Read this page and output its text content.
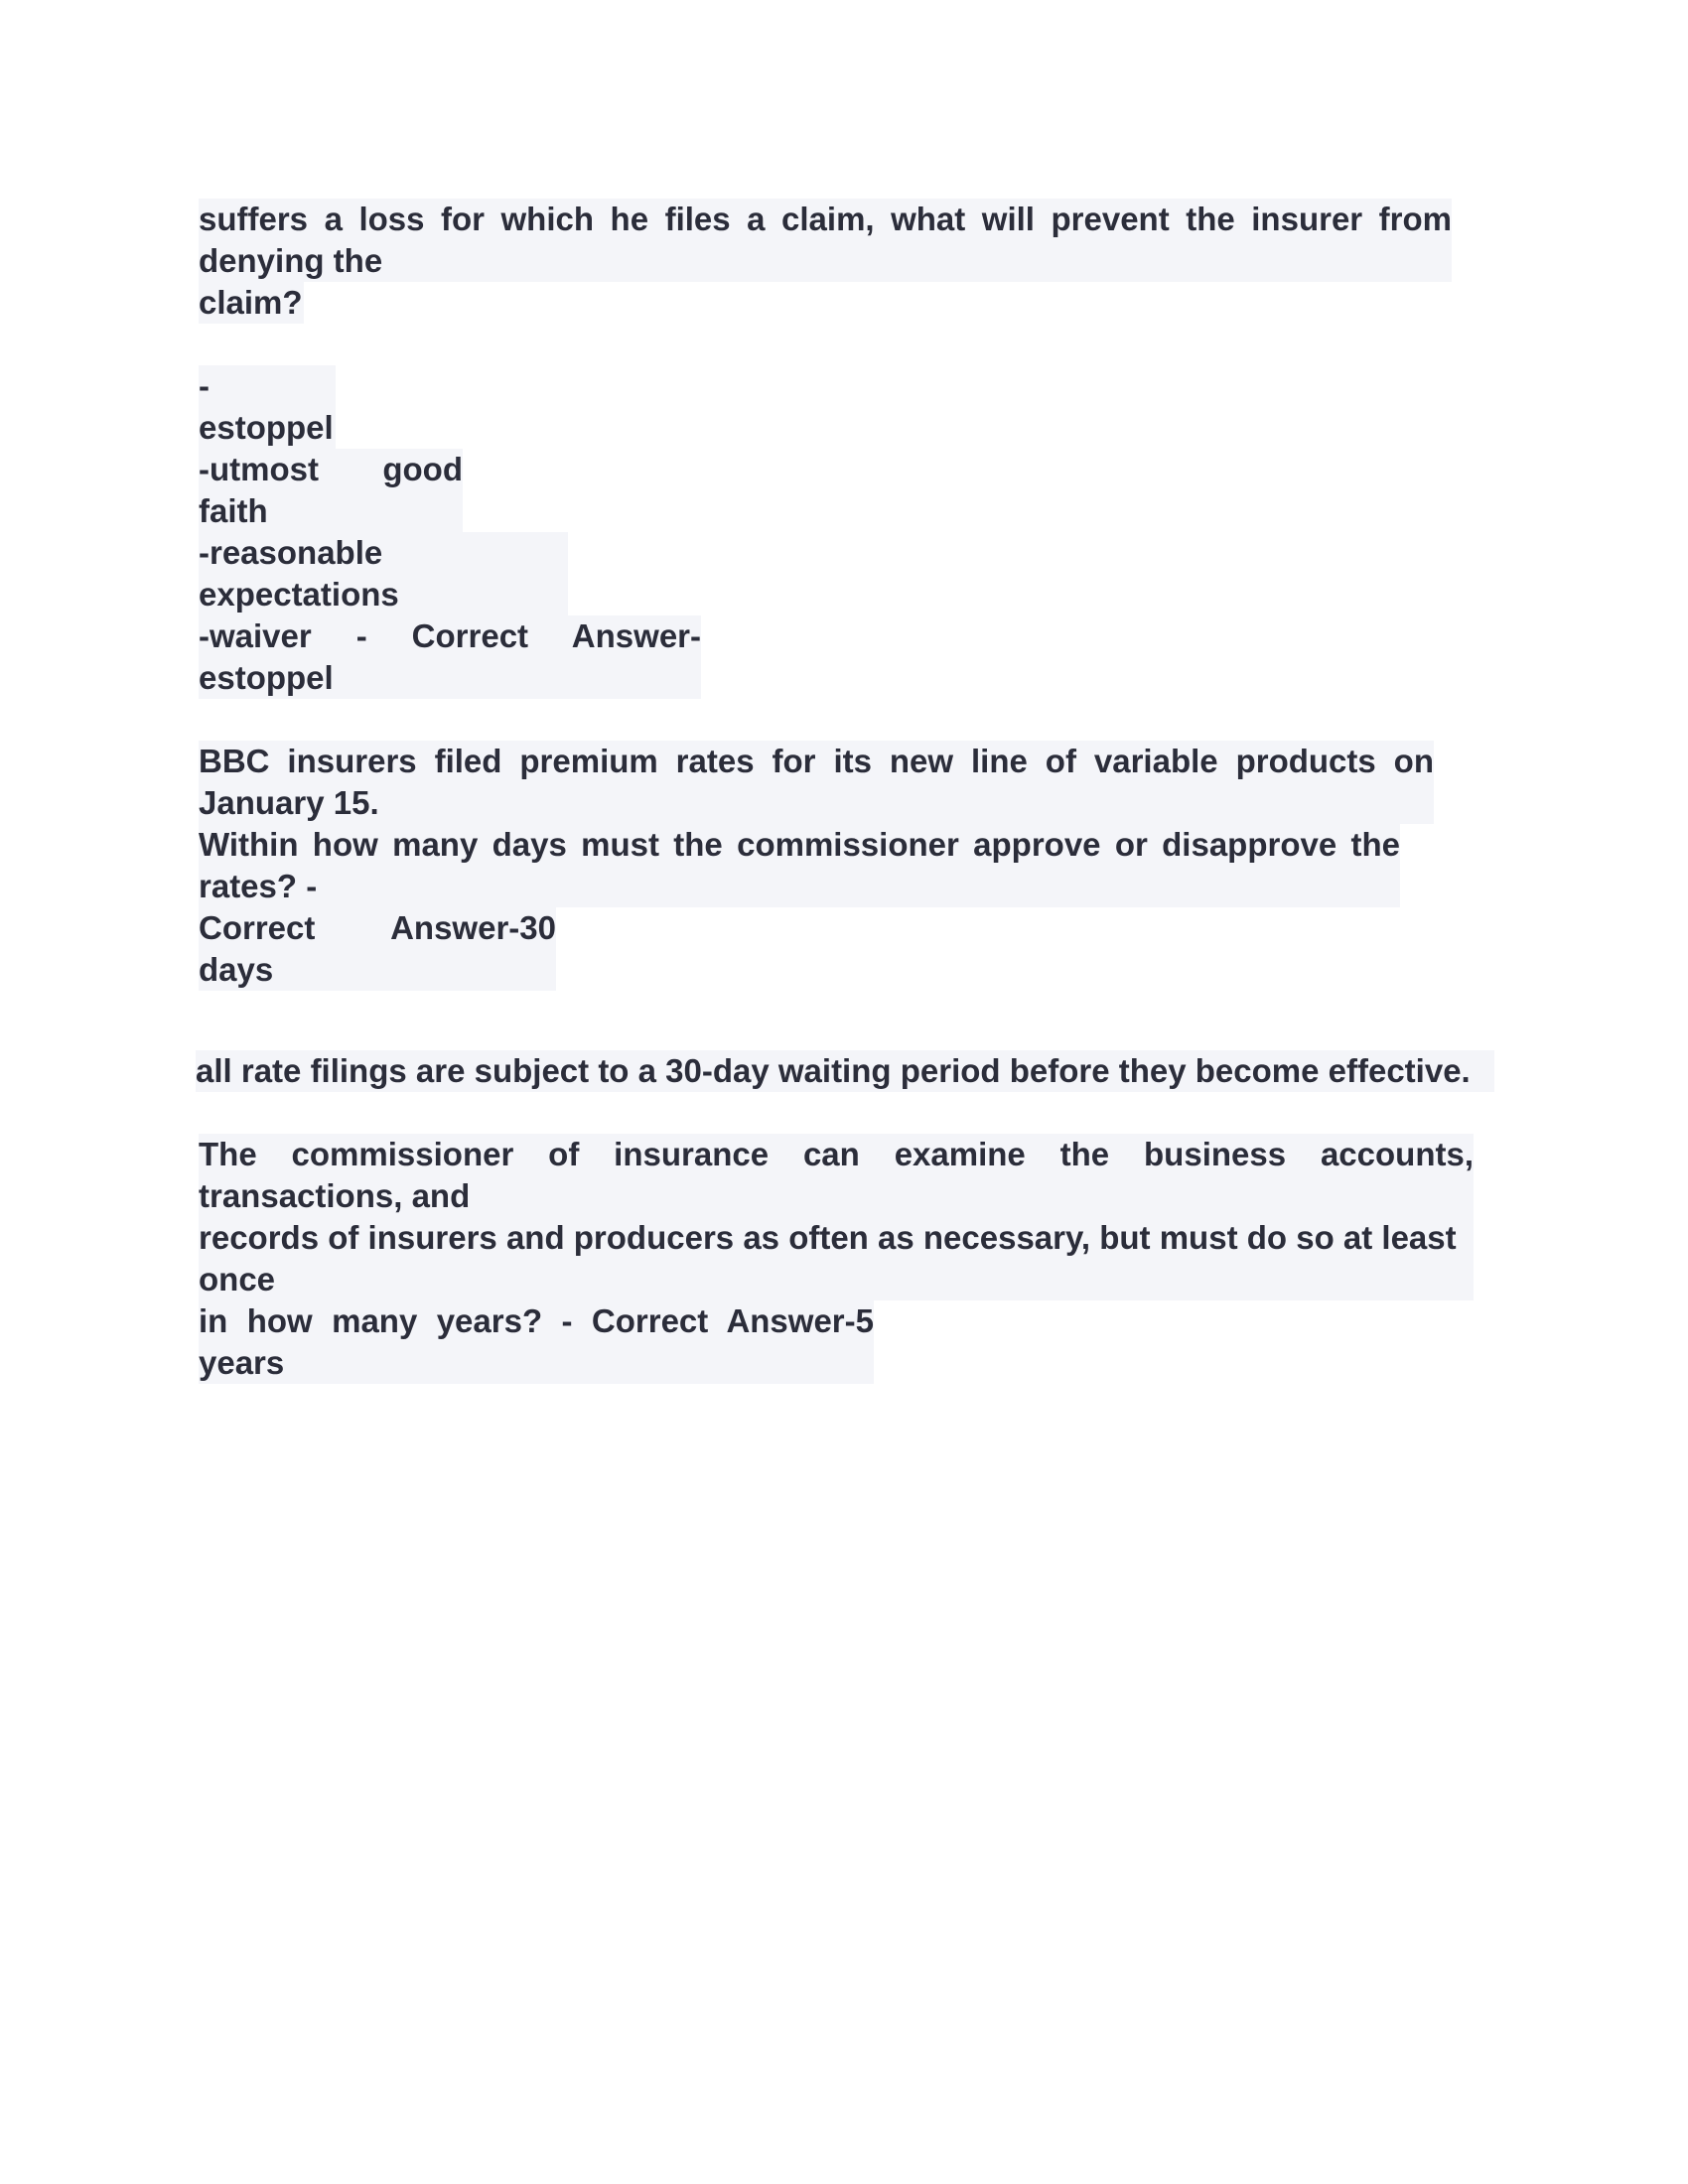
suffers a loss for which he files a claim, what will prevent the insurer from
denying the
claim?
-
estoppel
-utmost good
faith
-reasonable
expectations
-waiver - Correct Answer-
estoppel
BBC insurers filed premium rates for its new line of variable products on
January 15.
Within how many days must the commissioner approve or disapprove the
rates? -
Correct Answer-30
days
all rate filings are subject to a 30-day waiting period before they become effective.
The commissioner of insurance can examine the business accounts,
transactions, and
records of insurers and producers as often as necessary, but must do so at least
once
in how many years? - Correct Answer-5
years
